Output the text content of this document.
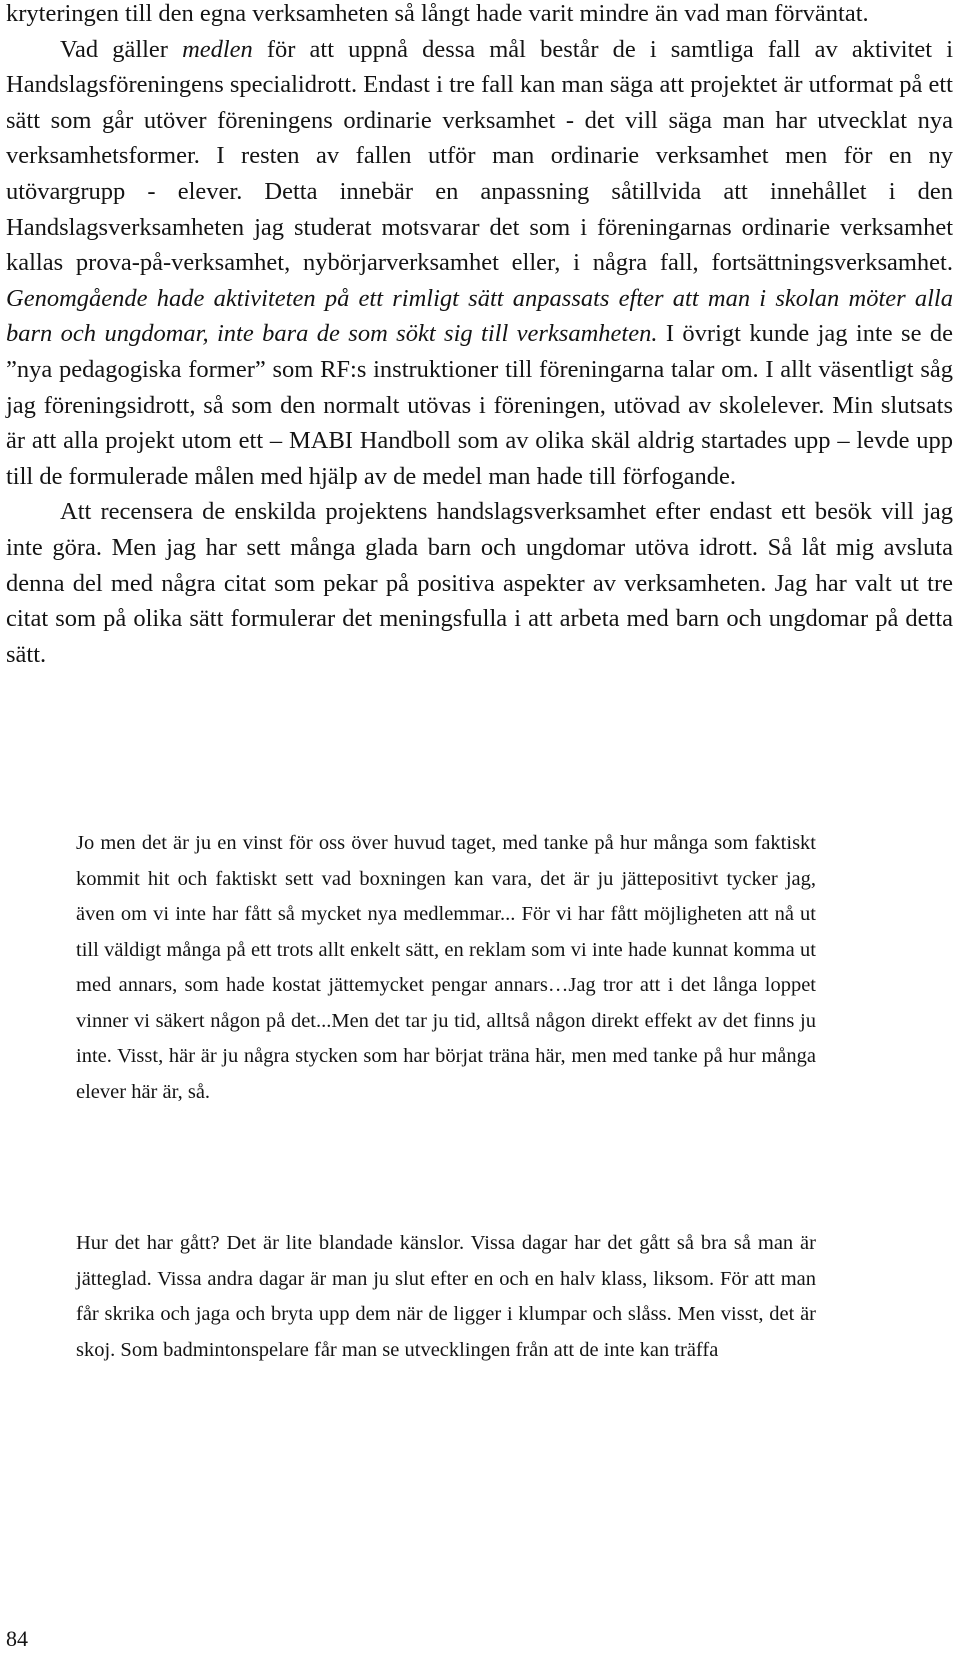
kryteringen till den egna verksamheten så långt hade varit mindre än vad man förväntat.

Vad gäller medlen för att uppnå dessa mål består de i samtliga fall av aktivitet i Handslagsföreningens specialidrott. Endast i tre fall kan man säga att projektet är utformat på ett sätt som går utöver föreningens ordinarie verksamhet - det vill säga man har utvecklat nya verksamhetsformer. I resten av fallen utför man ordinarie verksamhet men för en ny utövargrupp - elever. Detta innebär en anpassning såtillvida att innehållet i den Handslagsverksamheten jag studerat motsvarar det som i föreningarnas ordinarie verksamhet kallas prova-på-verksamhet, nybörjarverksamhet eller, i några fall, fortsättningsverksamhet. Genomgående hade aktiviteten på ett rimligt sätt anpassats efter att man i skolan möter alla barn och ungdomar, inte bara de som sökt sig till verksamheten. I övrigt kunde jag inte se de ”nya pedagogiska former” som RF:s instruktioner till föreningarna talar om. I allt väsentligt såg jag föreningsidrott, så som den normalt utövas i föreningen, utövad av skolelever. Min slutsats är att alla projekt utom ett – MABI Handboll som av olika skäl aldrig startades upp – levde upp till de formulerade målen med hjälp av de medel man hade till förfogande.

Att recensera de enskilda projektens handslagsverksamhet efter endast ett besök vill jag inte göra. Men jag har sett många glada barn och ungdomar utöva idrott. Så låt mig avsluta denna del med några citat som pekar på positiva aspekter av verksamheten. Jag har valt ut tre citat som på olika sätt formulerar det meningsfulla i att arbeta med barn och ungdomar på detta sätt.

Jo men det är ju en vinst för oss över huvud taget, med tanke på hur många som faktiskt kommit hit och faktiskt sett vad boxningen kan vara, det är ju jättepositivt tycker jag, även om vi inte har fått så mycket nya medlemmar... För vi har fått möjligheten att nå ut till väldigt många på ett trots allt enkelt sätt, en reklam som vi inte hade kunnat komma ut med annars, som hade kostat jättemycket pengar annars…Jag tror att i det långa loppet vinner vi säkert någon på det...Men det tar ju tid, alltså någon direkt effekt av det finns ju inte. Visst, här är ju några stycken som har börjat träna här, men med tanke på hur många elever här är, så.

Hur det har gått? Det är lite blandade känslor. Vissa dagar har det gått så bra så man är jätteglad. Vissa andra dagar är man ju slut efter en och en halv klass, liksom. För att man får skrika och jaga och bryta upp dem när de ligger i klumpar och slåss. Men visst, det är skoj. Som badmintonspelare får man se utvecklingen från att de inte kan träffa

84
